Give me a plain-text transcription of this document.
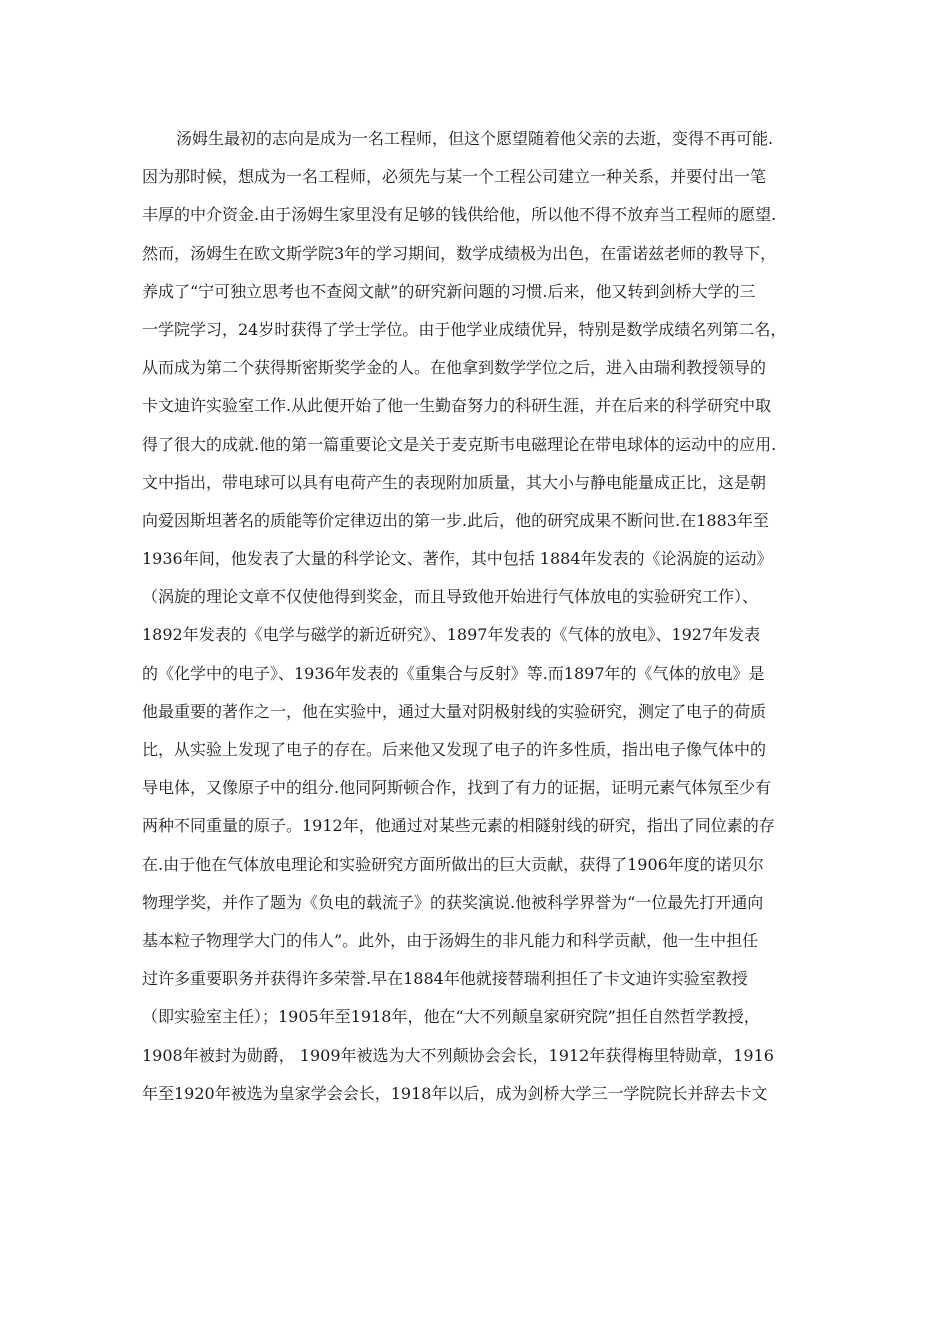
汤姆生最初的志向是成为一名工程师，但这个愿望随着他父亲的去逝，变得不再可能.
因为那时候，想成为一名工程师，必须先与某一个工程公司建立一种关系，并要付出一笔
丰厚的中介资金.由于汤姆生家里没有足够的钱供给他，所以他不得不放弃当工程师的愿望.
然而，汤姆生在欧文斯学院3年的学习期间，数学成绩极为出色，在雷诺兹老师的教导下，
养成了“宁可独立思考也不查阅文献”的研究新问题的习惯.后来，他又转到剑桥大学的三
一学院学习，24岁时获得了学士学位。由于他学业成绩优异，特别是数学成绩名列第二名，
从而成为第二个获得斯密斯奖学金的人。在他拿到数学学位之后，进入由瑞利教授领导的
卡文迪许实验室工作.从此便开始了他一生勤奋努力的科研生涯，并在后来的科学研究中取
得了很大的成就.他的第一篇重要论文是关于麦克斯韦电磁理论在带电球体的运动中的应用.
文中指出，带电球可以具有电荷产生的表现附加质量，其大小与静电能量成正比，这是朝
向爱因斯坦著名的质能等价定律迈出的第一步.此后，他的研究成果不断问世.在1883年至
1936年间，他发表了大量的科学论文、著作，其中包括 1884年发表的《论涡旋的运动》
（涡旋的理论文章不仅使他得到奖金，而且导致他开始进行气体放电的实验研究工作）、
1892年发表的《电学与磁学的新近研究》、1897年发表的《气体的放电》、1927年发表
的《化学中的电子》、1936年发表的《重集合与反射》等.而1897年的《气体的放电》是
他最重要的著作之一，他在实验中，通过大量对阴极射线的实验研究，测定了电子的荷质
比，从实验上发现了电子的存在。后来他又发现了电子的许多性质，指出电子像气体中的
导电体，又像原子中的组分.他同阿斯顿合作，找到了有力的证据，证明元素气体氖至少有
两种不同重量的原子。1912年，他通过对某些元素的相隧射线的研究，指出了同位素的存
在.由于他在气体放电理论和实验研究方面所做出的巨大贡献，获得了1906年度的诺贝尔
物理学奖，并作了题为《负电的载流子》的获奖演说.他被科学界誉为“一位最先打开通向
基本粒子物理学大门的伟人”。此外，由于汤姆生的非凡能力和科学贡献，他一生中担任
过许多重要职务并获得许多荣誉.早在1884年他就接替瑞利担任了卡文迪许实验室教授
（即实验室主任）；1905年至1918年，他在“大不列颠皇家研究院”担任自然哲学教授，
1908年被封为勋爵， 1909年被选为大不列颠协会会长，1912年获得梅里特勋章，1916
年至1920年被选为皇家学会会长，1918年以后，成为剑桥大学三一学院院长并辞去卡文
